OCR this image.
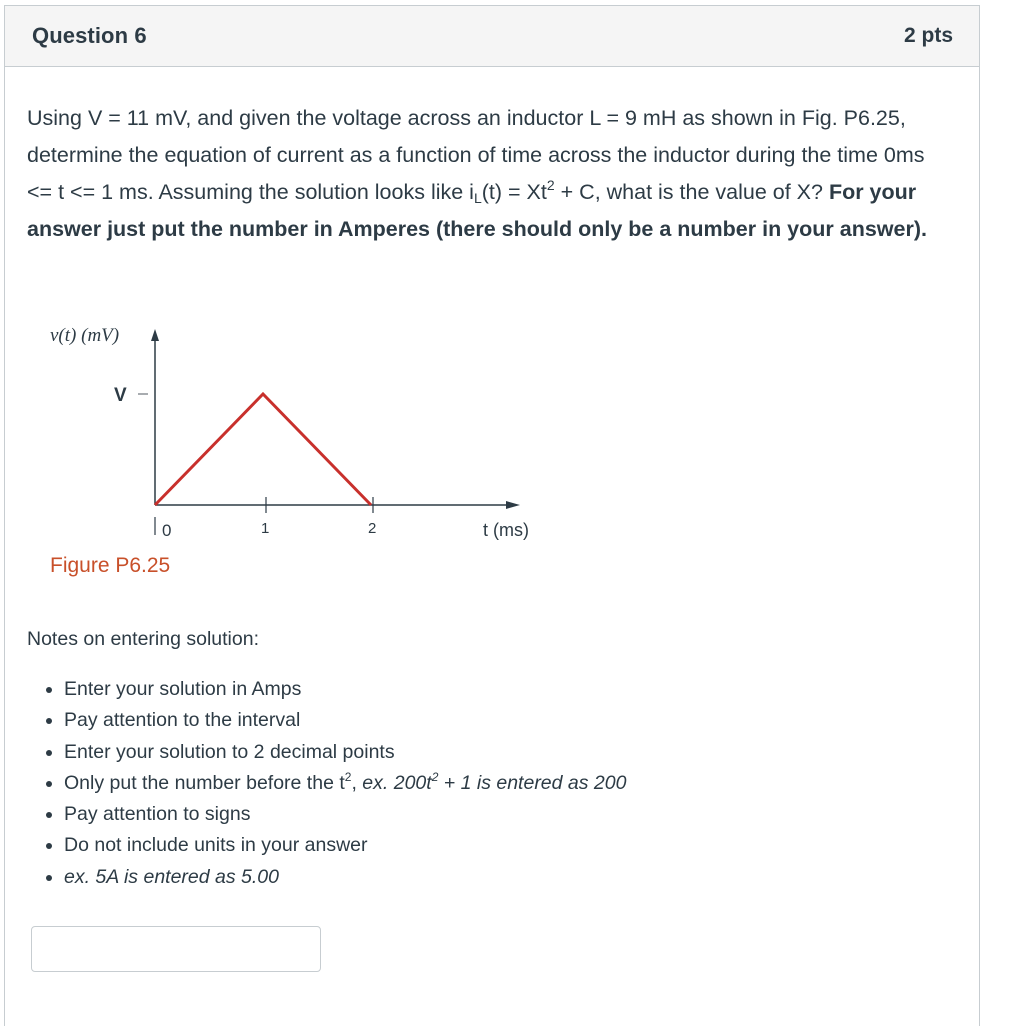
Question 6	2 pts

Using V = 11 mV, and given the voltage across an inductor L = 9 mH as shown in Fig. P6.25, determine the equation of current as a function of time across the inductor during the time 0ms <= t <= 1 ms. Assuming the solution looks like $i_L(t) = Xt^2 + C$, what is the value of X? For your answer just put the number in Amperes (there should only be a number in your answer).

v(t) (mV)
V
0	1	2	t (ms)
Figure P6.25

Notes on entering solution:

• Enter your solution in Amps
• Pay attention to the interval
• Enter your solution to 2 decimal points
• Only put the number before the $t^2$, ex. $200t^2 + 1$ is entered as 200
• Pay attention to signs
• Do not include units in your answer
• ex. 5A is entered as 5.00
